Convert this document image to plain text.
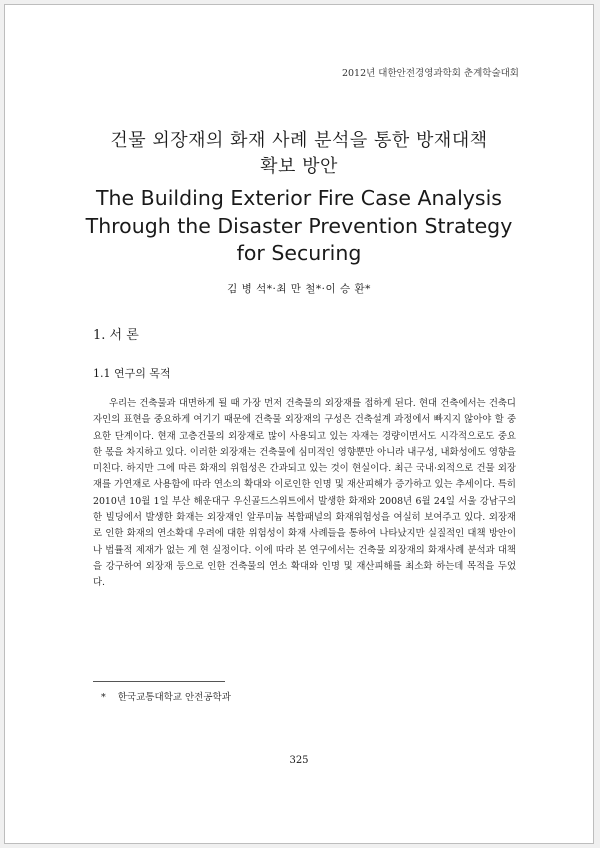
2012년 대한안전경영과학회 춘계학술대회
건물 외장재의 화재 사례 분석을 통한 방재대책
확보 방안
The Building Exterior Fire Case Analysis
Through the Disaster Prevention Strategy
for Securing
김 병 석*·최 만 철*·이 승 환*
1. 서 론
1.1 연구의 목적

우리는 건축물과 대면하게 될 때 가장 먼저 건축물의 외장재를 접하게 된다. 현대 건축에서는 건축디자인의 표현을 중요하게 여기기 때문에 건축물 외장재의 구성은 건축설계 과정에서 빠지지 않아야 할 중요한 단계이다. 현재 고층건물의 외장재로 많이 사용되고 있는 자재는 경량이면서도 시각적으로도 중요한 몫을 차지하고 있다. 이러한 외장재는 건축물에 심미적인 영향뿐만 아니라 내구성, 내화성에도 영향을 미친다. 하지만 그에 따른 화재의 위험성은 간과되고 있는 것이 현실이다. 최근 국내·외적으로 건물 외장재를 가연재로 사용함에 따라 연소의 확대와 이로인한 인명 및 재산피해가 증가하고 있는 추세이다. 특히 2010년 10월 1일 부산 해운대구 우신골드스위트에서 발생한 화재와 2008년 6월 24일 서울 강남구의 한 빌딩에서 발생한 화재는 외장재인 알루미늄 복합패널의 화재위험성을 여실히 보여주고 있다. 외장재로 인한 화재의 연소확대 우려에 대한 위험성이 화재 사례들을 통하여 나타났지만 실질적인 대책 방안이나 법률적 제재가 없는 게 현 실정이다. 이에 따라 본 연구에서는 건축물 외장재의 화재사례 분석과 대책을 강구하여 외장재 등으로 인한 건축물의 연소 확대와 인명 및 재산피해를 최소화 하는데 목적을 두었다.

* 한국교통대학교 안전공학과
325
